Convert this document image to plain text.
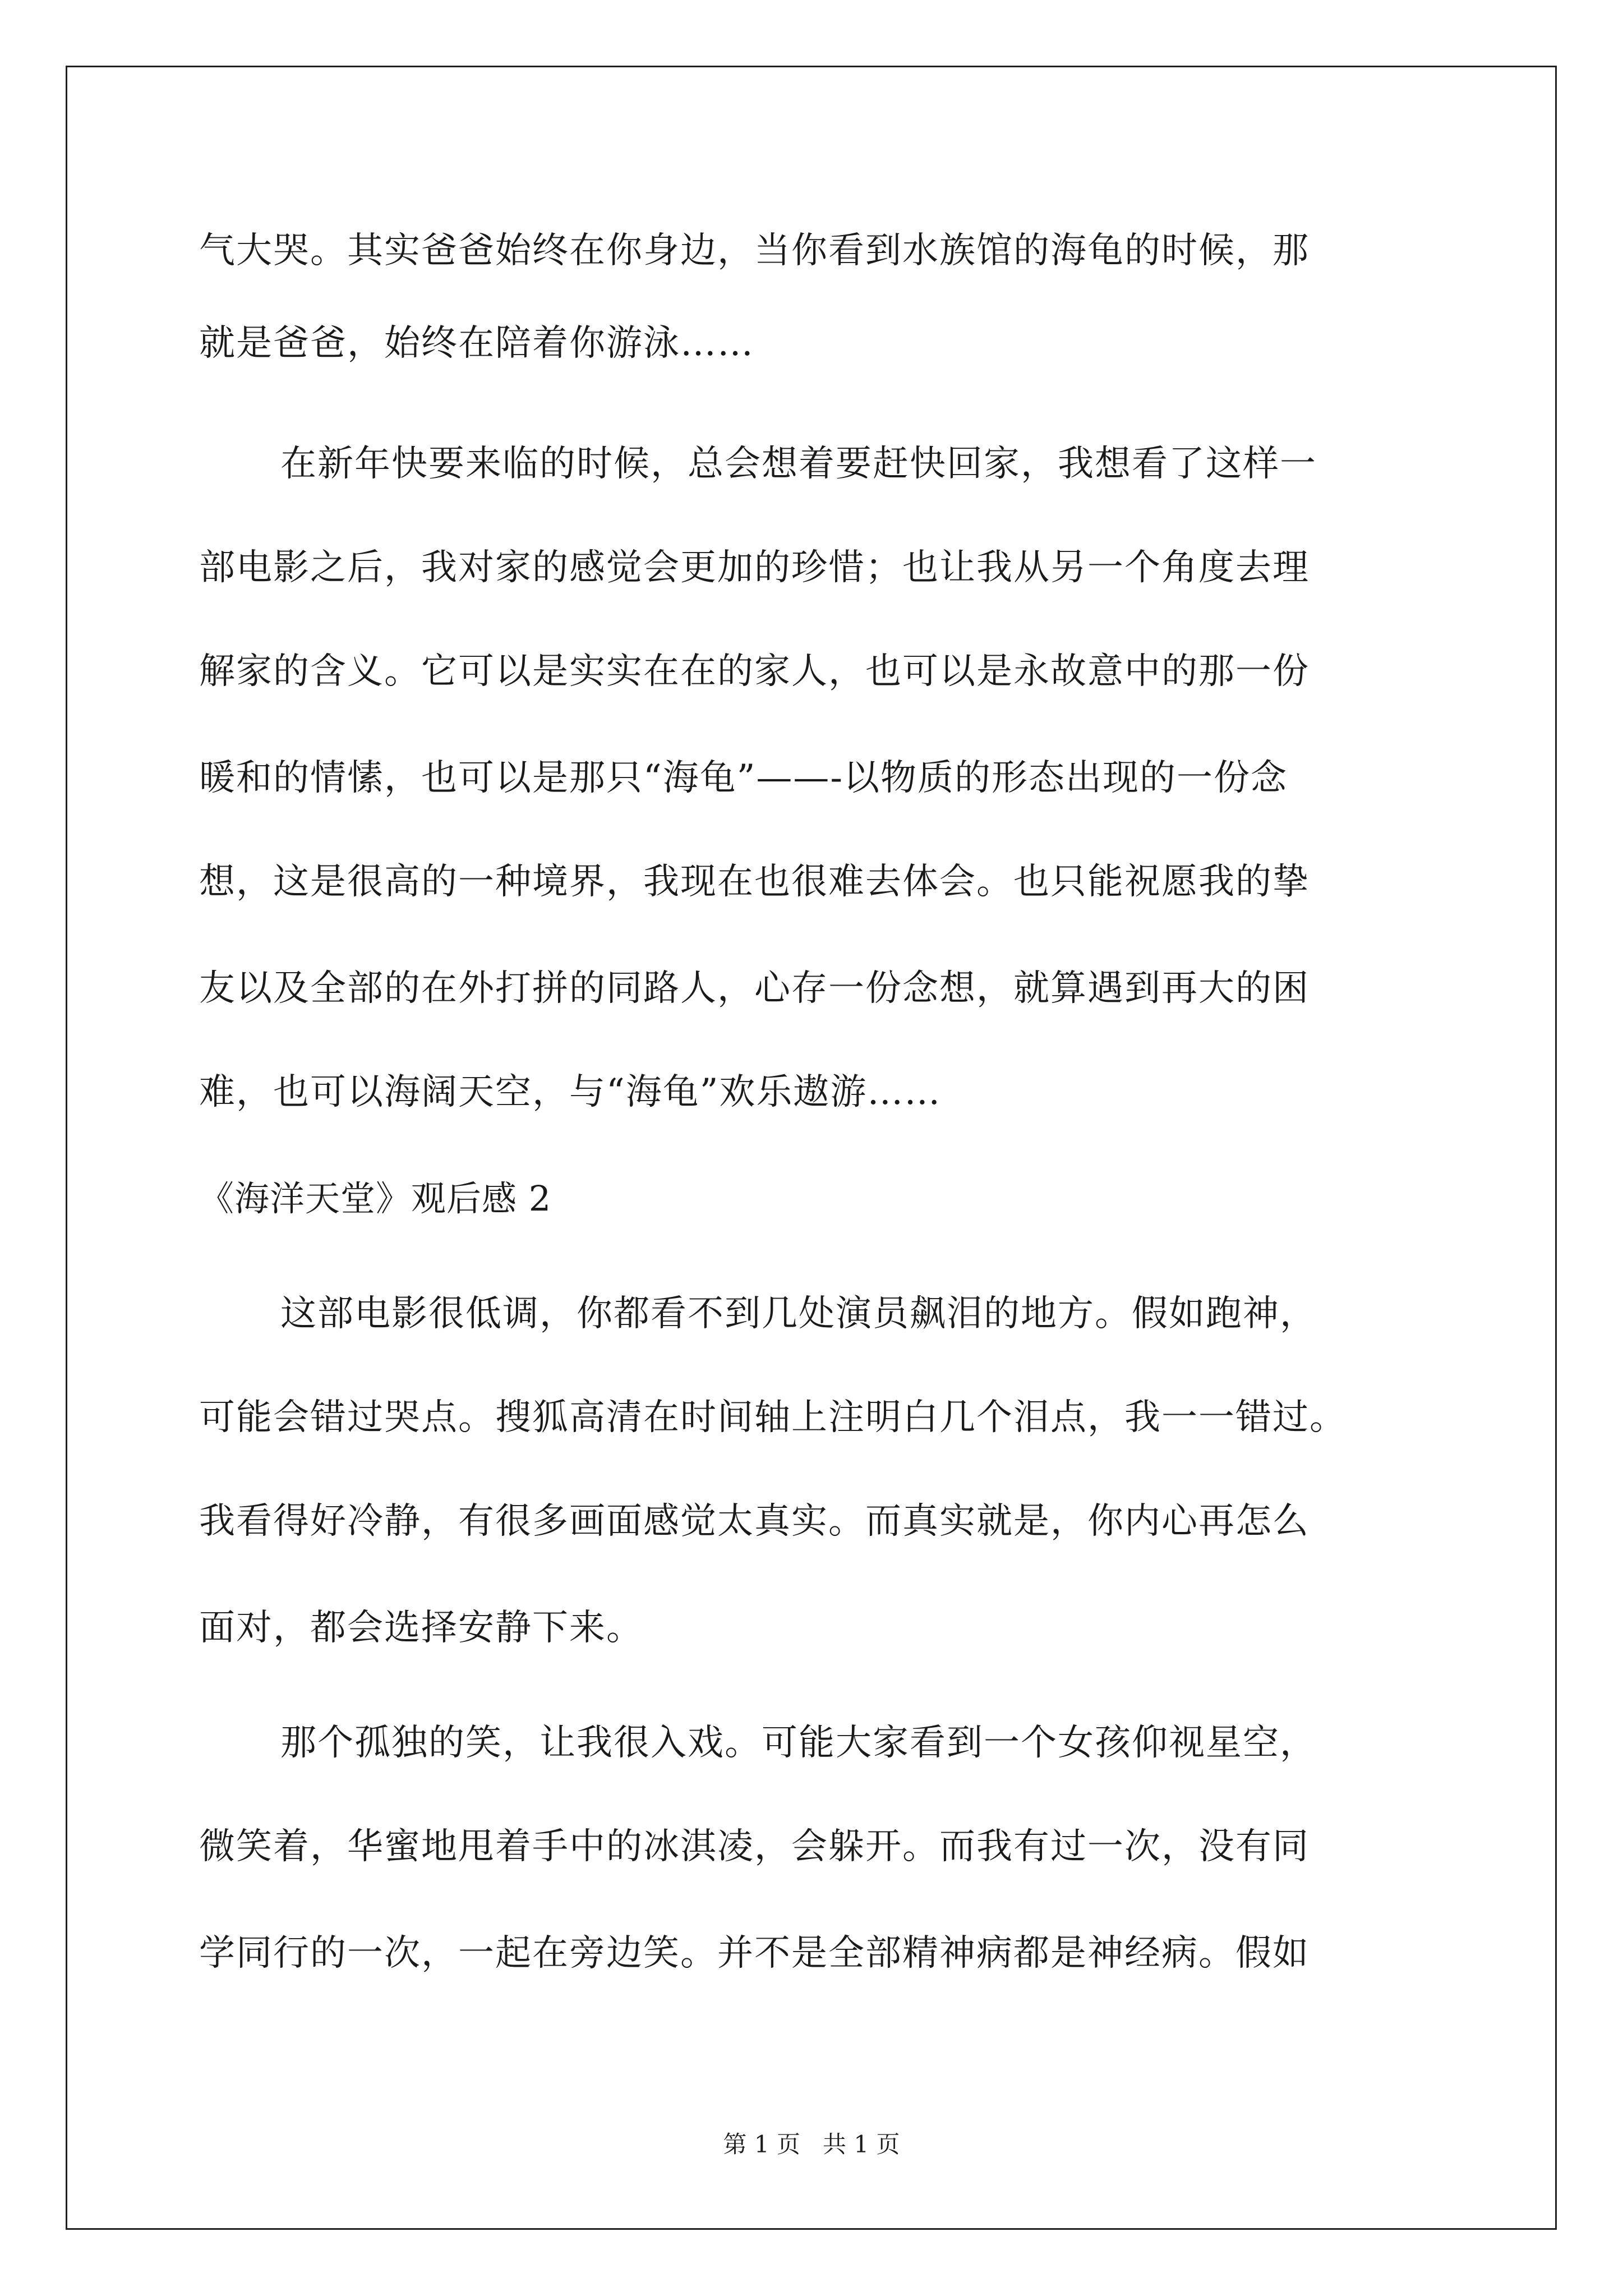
气大哭。其实爸爸始终在你身边，当你看到水族馆的海龟的时候，那
就是爸爸，始终在陪着你游泳……
在新年快要来临的时候，总会想着要赶快回家，我想看了这样一
部电影之后，我对家的感觉会更加的珍惜；也让我从另一个角度去理
解家的含义。它可以是实实在在的家人，也可以是永故意中的那一份
暖和的情愫，也可以是那只“海龟”——-以物质的形态出现的一份念
想，这是很高的一种境界，我现在也很难去体会。也只能祝愿我的挚
友以及全部的在外打拼的同路人，心存一份念想，就算遇到再大的困
难，也可以海阔天空，与“海龟”欢乐遨游……
《海洋天堂》观后感 2
这部电影很低调，你都看不到几处演员飙泪的地方。假如跑神，
可能会错过哭点。搜狐高清在时间轴上注明白几个泪点，我一一错过。
我看得好冷静，有很多画面感觉太真实。而真实就是，你内心再怎么
面对，都会选择安静下来。
那个孤独的笑，让我很入戏。可能大家看到一个女孩仰视星空，
微笑着，华蜜地甩着手中的冰淇凌，会躲开。而我有过一次，没有同
学同行的一次，一起在旁边笑。并不是全部精神病都是神经病。假如
第 1 页   共 1 页
